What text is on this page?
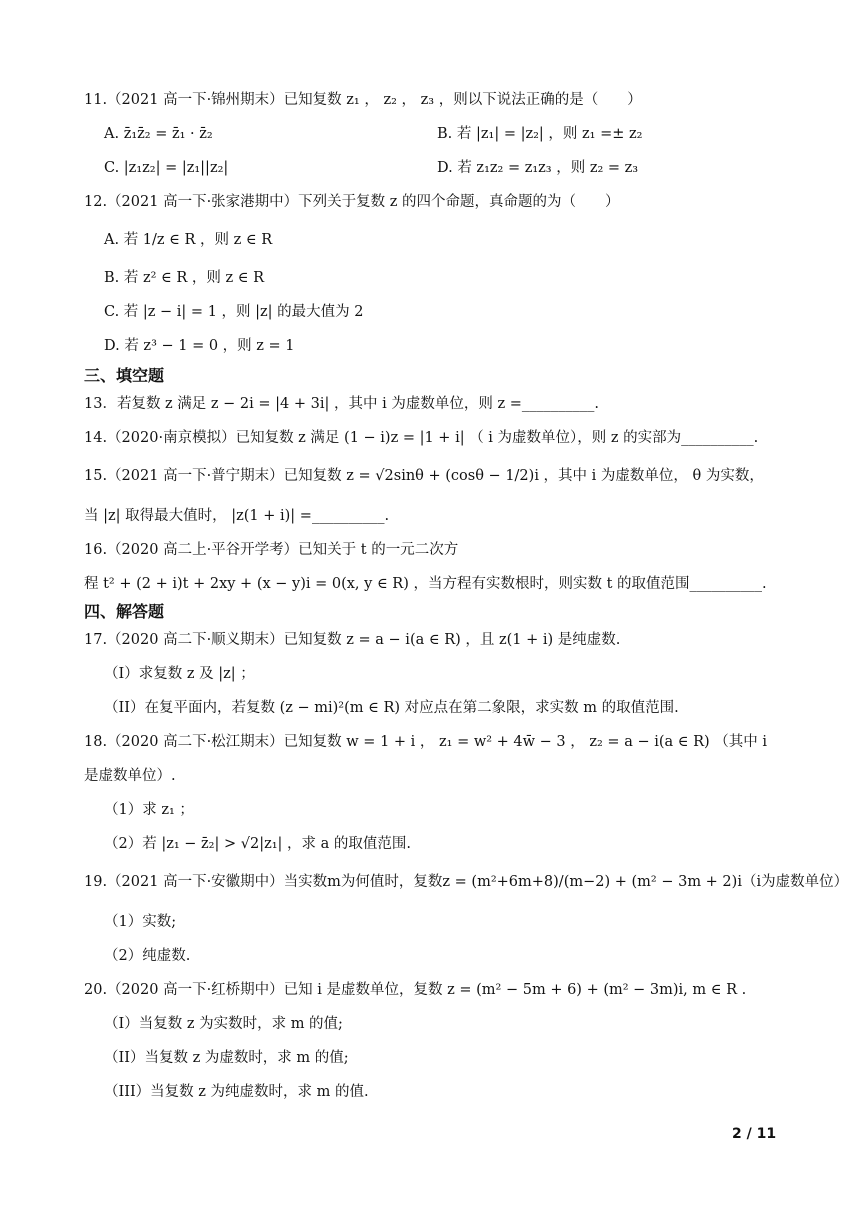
11.（2021 高一下·锦州期末）已知复数 z₁ ， z₂ ， z₃ ，则以下说法正确的是（　　）
A. z̄₁z̄₂ = z̄₁ · z̄₂	B. 若 |z₁| = |z₂| ，则 z₁ =± z₂
C. |z₁z₂| = |z₁||z₂|	D. 若 z₁z₂ = z₁z₃ ，则 z₂ = z₃
12.（2021 高一下·张家港期中）下列关于复数 z 的四个命题，真命题的为（　　）
A. 若 1/z ∈ R ，则 z ∈ R
B. 若 z² ∈ R ，则 z ∈ R
C. 若 |z − i| = 1 ，则 |z| 的最大值为 2
D. 若 z³ − 1 = 0 ，则 z = 1
三、填空题
13．若复数 z 满足 z − 2i = |4 + 3i| ，其中 i 为虚数单位，则 z =__________.
14.（2020·南京模拟）已知复数 z 满足 (1 − i)z = |1 + i| （ i 为虚数单位），则 z 的实部为__________.
15.（2021 高一下·普宁期末）已知复数 z = √2sinθ + (cosθ − 1/2)i ，其中 i 为虚数单位， θ 为实数，
当 |z| 取得最大值时， |z(1 + i)| =__________.
16.（2020 高二上·平谷开学考）已知关于 t 的一元二次方
程 t² + (2 + i)t + 2xy + (x − y)i = 0(x, y ∈ R) ，当方程有实数根时，则实数 t 的取值范围__________.
四、解答题
17.（2020 高二下·顺义期末）已知复数 z = a − i(a ∈ R) ，且 z(1 + i) 是纯虚数.
（I）求复数 z 及 |z| ；
（II）在复平面内，若复数 (z − mi)²(m ∈ R) 对应点在第二象限，求实数 m 的取值范围.
18.（2020 高二下·松江期末）已知复数 w = 1 + i ， z₁ = w² + 4w̄ − 3 ， z₂ = a − i(a ∈ R) （其中 i
是虚数单位）.
（1）求 z₁ ；
（2）若 |z₁ − z̄₂| > √2|z₁| ，求 a 的取值范围.
19.（2021 高一下·安徽期中）当实数m为何值时，复数z = (m²+6m+8)/(m−2) + (m² − 3m + 2)i（i为虚数单位）
（1）实数;
（2）纯虚数.
20.（2020 高一下·红桥期中）已知 i 是虚数单位，复数 z = (m² − 5m + 6) + (m² − 3m)i, m ∈ R .
（I）当复数 z 为实数时，求 m 的值;
（II）当复数 z 为虚数时，求 m 的值;
（III）当复数 z 为纯虚数时，求 m 的值.
2 / 11
